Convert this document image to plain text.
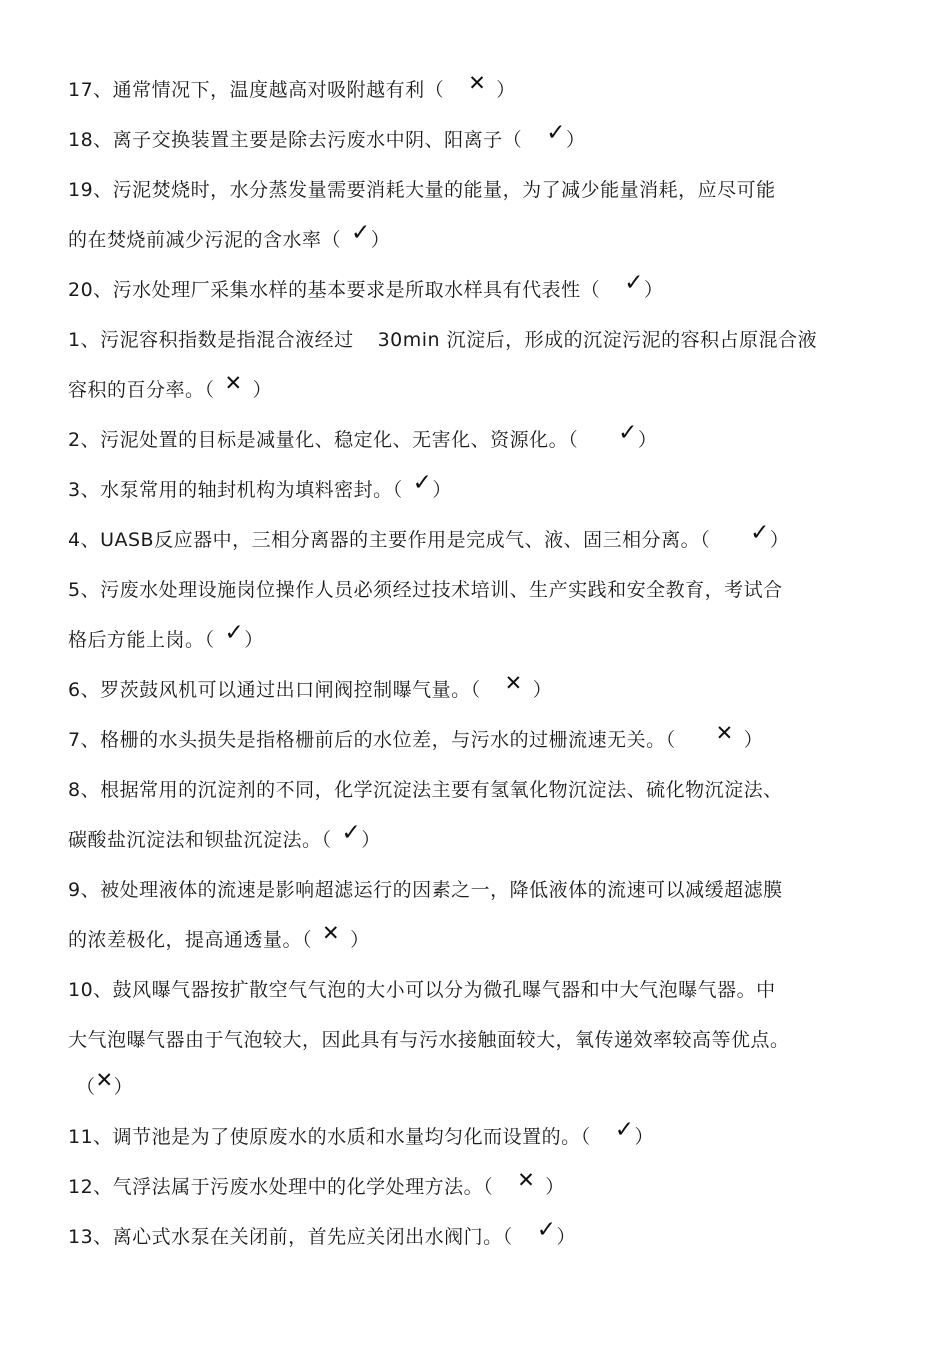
17、通常情况下，温度越高对吸附越有利（ ✕ ）
18、离子交换装置主要是除去污废水中阴、阳离子（ ✓）
19、污泥焚烧时，水分蒸发量需要消耗大量的能量，为了减少能量消耗，应尽可能
的在焚烧前减少污泥的含水率（ ✓）
20、污水处理厂采集水样的基本要求是所取水样具有代表性（ ✓）
1、污泥容积指数是指混合液经过 30min 沉淀后，形成的沉淀污泥的容积占原混合液
容积的百分率。（ ✕ ）
2、污泥处置的目标是减量化、稳定化、无害化、资源化。（ ✓）
3、水泵常用的轴封机构为填料密封。（ ✓）
4、UASB反应器中，三相分离器的主要作用是完成气、液、固三相分离。（ ✓）
5、污废水处理设施岗位操作人员必须经过技术培训、生产实践和安全教育，考试合
格后方能上岗。（ ✓）
6、罗茨鼓风机可以通过出口闸阀控制曝气量。（ ✕ ）
7、格栅的水头损失是指格栅前后的水位差，与污水的过栅流速无关。（ ✕ ）
8、根据常用的沉淀剂的不同，化学沉淀法主要有氢氧化物沉淀法、硫化物沉淀法、
碳酸盐沉淀法和钡盐沉淀法。（ ✓）
9、被处理液体的流速是影响超滤运行的因素之一，降低液体的流速可以减缓超滤膜
的浓差极化，提高通透量。（ ✕ ）
10、鼓风曝气器按扩散空气气泡的大小可以分为微孔曝气器和中大气泡曝气器。中
大气泡曝气器由于气泡较大，因此具有与污水接触面较大，氧传递效率较高等优点。
（✕）
11、调节池是为了使原废水的水质和水量均匀化而设置的。（ ✓）
12、气浮法属于污废水处理中的化学处理方法。（ ✕ ）
13、离心式水泵在关闭前，首先应关闭出水阀门。（ ✓）
